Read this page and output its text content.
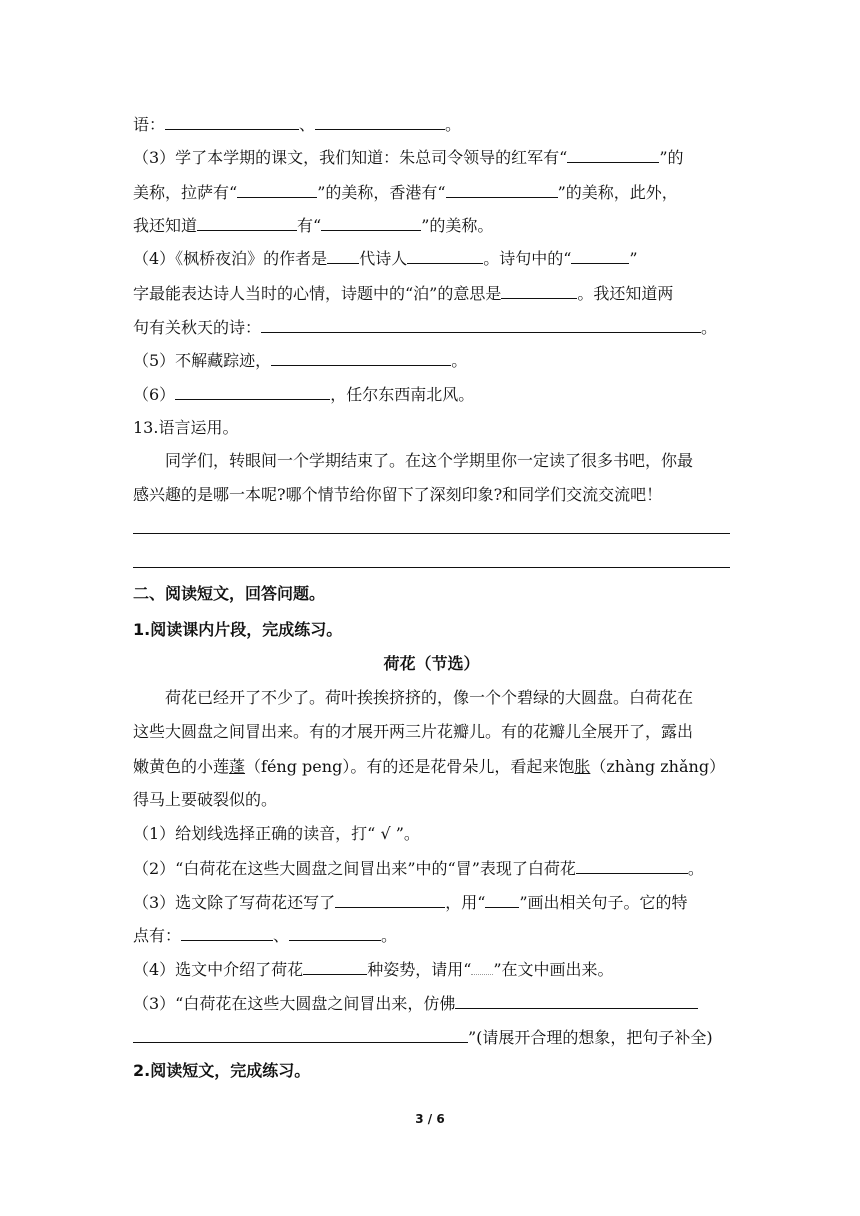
语：	、	。
（3）学了本学期的课文，我们知道：朱总司令领导的红军有“	”的
美称，拉萨有“	”的美称，香港有“	”的美称，此外，
我还知道	有“	”的美称。
（4）《枫桥夜泊》的作者是 代诗人	。诗句中的“	”
字最能表达诗人当时的心情，诗题中的“泊”的意思是	。我还知道两
句有关秋天的诗：	。
（5）不解藏踪迹，	。
（6）	，任尔东西南北风。
13.语言运用。
同学们，转眼间一个学期结束了。在这个学期里你一定读了很多书吧，你最
感兴趣的是哪一本呢?哪个情节给你留下了深刻印象?和同学们交流交流吧！
二、阅读短文，回答问题。
1.阅读课内片段，完成练习。
荷花（节选）
荷花已经开了不少了。荷叶挨挨挤挤的，像一个个碧绿的大圆盘。白荷花在
这些大圆盘之间冒出来。有的才展开两三片花瓣儿。有的花瓣儿全展开了，露出
嫩黄色的小莲蓬（féng peng）。有的还是花骨朵儿，看起来饱胀（zhàng zhǎng）
得马上要破裂似的。
（1）给划线选择正确的读音，打“ √ ”。
（2）“白荷花在这些大圆盘之间冒出来”中的“冒”表现了白荷花	。
（3）选文除了写荷花还写了	，用“ ”画出相关句子。它的特
点有：	、	。
（4）选文中介绍了荷花	种姿势，请用“ ”在文中画出来。
（3）“白荷花在这些大圆盘之间冒出来，仿佛
”(请展开合理的想象，把句子补全)
2.阅读短文，完成练习。
3 / 6
